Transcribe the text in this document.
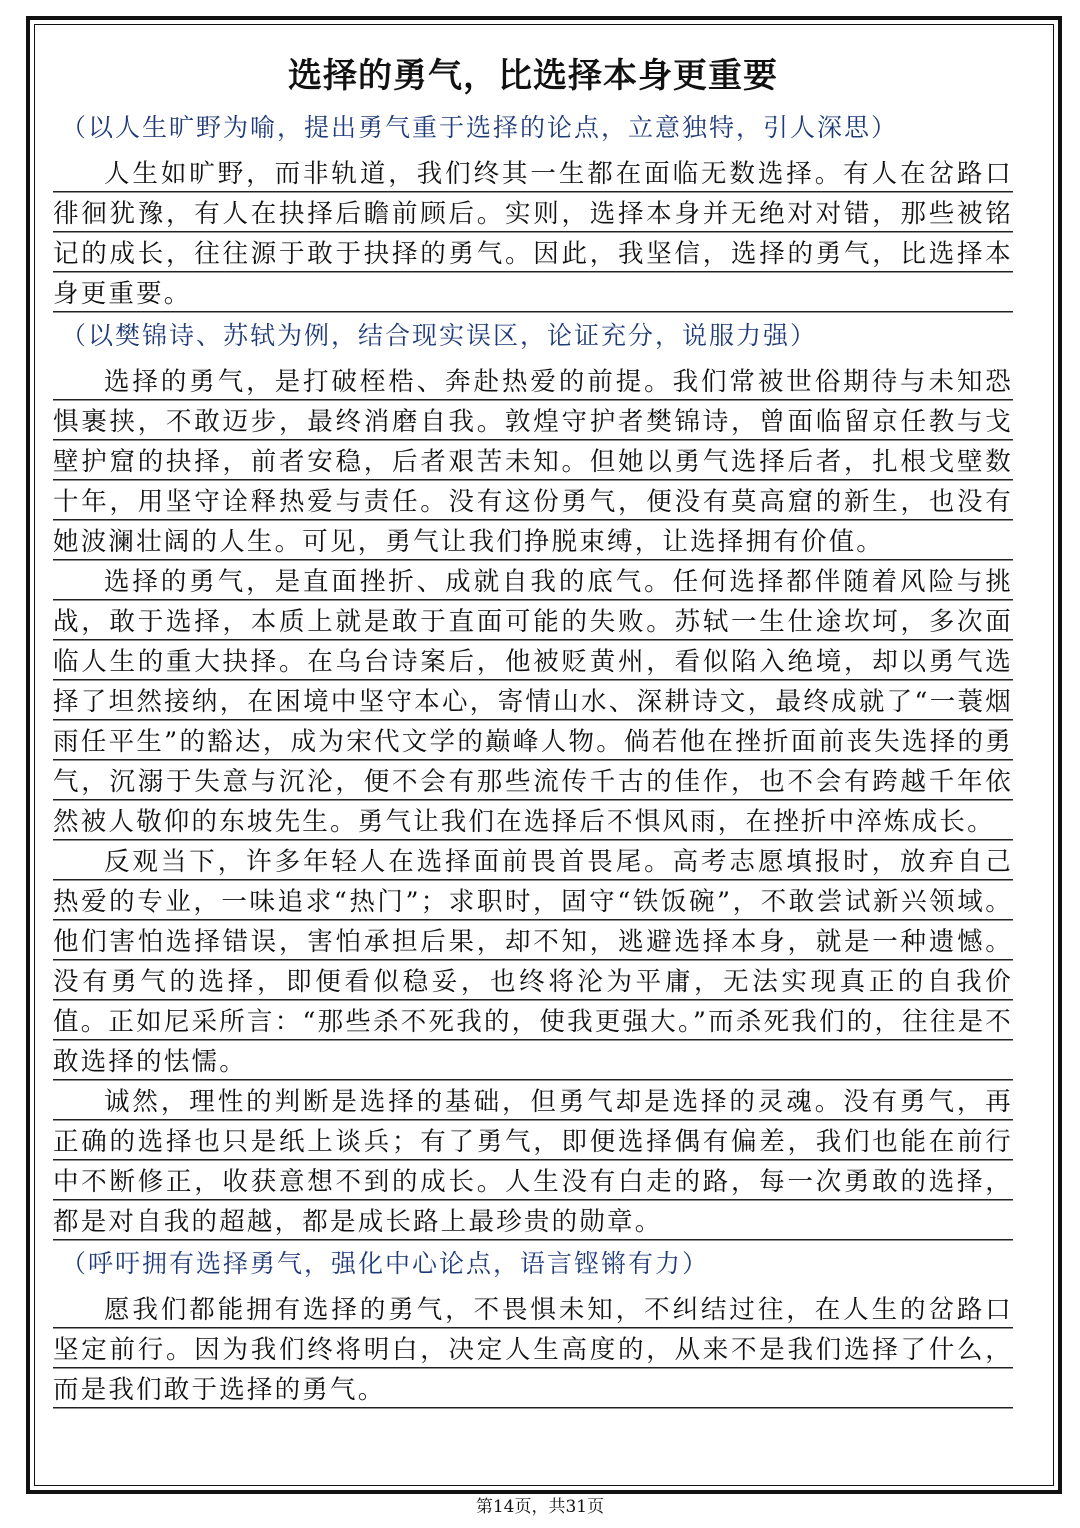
选择的勇气，比选择本身更重要

（以人生旷野为喻，提出勇气重于选择的论点，立意独特，引人深思）

人生如旷野，而非轨道，我们终其一生都在面临无数选择。有人在岔路口徘徊犹豫，有人在抉择后瞻前顾后。实则，选择本身并无绝对对错，那些被铭记的成长，往往源于敢于抉择的勇气。因此，我坚信，选择的勇气，比选择本身更重要。

（以樊锦诗、苏轼为例，结合现实误区，论证充分，说服力强）

选择的勇气，是打破桎梏、奔赴热爱的前提。我们常被世俗期待与未知恐惧裹挟，不敢迈步，最终消磨自我。敦煌守护者樊锦诗，曾面临留京任教与戈壁护窟的抉择，前者安稳，后者艰苦未知。但她以勇气选择后者，扎根戈壁数十年，用坚守诠释热爱与责任。没有这份勇气，便没有莫高窟的新生，也没有她波澜壮阔的人生。可见，勇气让我们挣脱束缚，让选择拥有价值。

选择的勇气，是直面挫折、成就自我的底气。任何选择都伴随着风险与挑战，敢于选择，本质上就是敢于直面可能的失败。苏轼一生仕途坎坷，多次面临人生的重大抉择。在乌台诗案后，他被贬黄州，看似陷入绝境，却以勇气选择了坦然接纳，在困境中坚守本心，寄情山水、深耕诗文，最终成就了“一蓑烟雨任平生”的豁达，成为宋代文学的巅峰人物。倘若他在挫折面前丧失选择的勇气，沉溺于失意与沉沦，便不会有那些流传千古的佳作，也不会有跨越千年依然被人敬仰的东坡先生。勇气让我们在选择后不惧风雨，在挫折中淬炼成长。

反观当下，许多年轻人在选择面前畏首畏尾。高考志愿填报时，放弃自己热爱的专业，一味追求“热门”；求职时，固守“铁饭碗”，不敢尝试新兴领域。他们害怕选择错误，害怕承担后果，却不知，逃避选择本身，就是一种遗憾。没有勇气的选择，即便看似稳妥，也终将沦为平庸，无法实现真正的自我价值。正如尼采所言：“那些杀不死我的，使我更强大。”而杀死我们的，往往是不敢选择的怯懦。

诚然，理性的判断是选择的基础，但勇气却是选择的灵魂。没有勇气，再正确的选择也只是纸上谈兵；有了勇气，即便选择偶有偏差，我们也能在前行中不断修正，收获意想不到的成长。人生没有白走的路，每一次勇敢的选择，都是对自我的超越，都是成长路上最珍贵的勋章。

（呼吁拥有选择勇气，强化中心论点，语言铿锵有力）

愿我们都能拥有选择的勇气，不畏惧未知，不纠结过往，在人生的岔路口坚定前行。因为我们终将明白，决定人生高度的，从来不是我们选择了什么，而是我们敢于选择的勇气。

第14页，共31页
